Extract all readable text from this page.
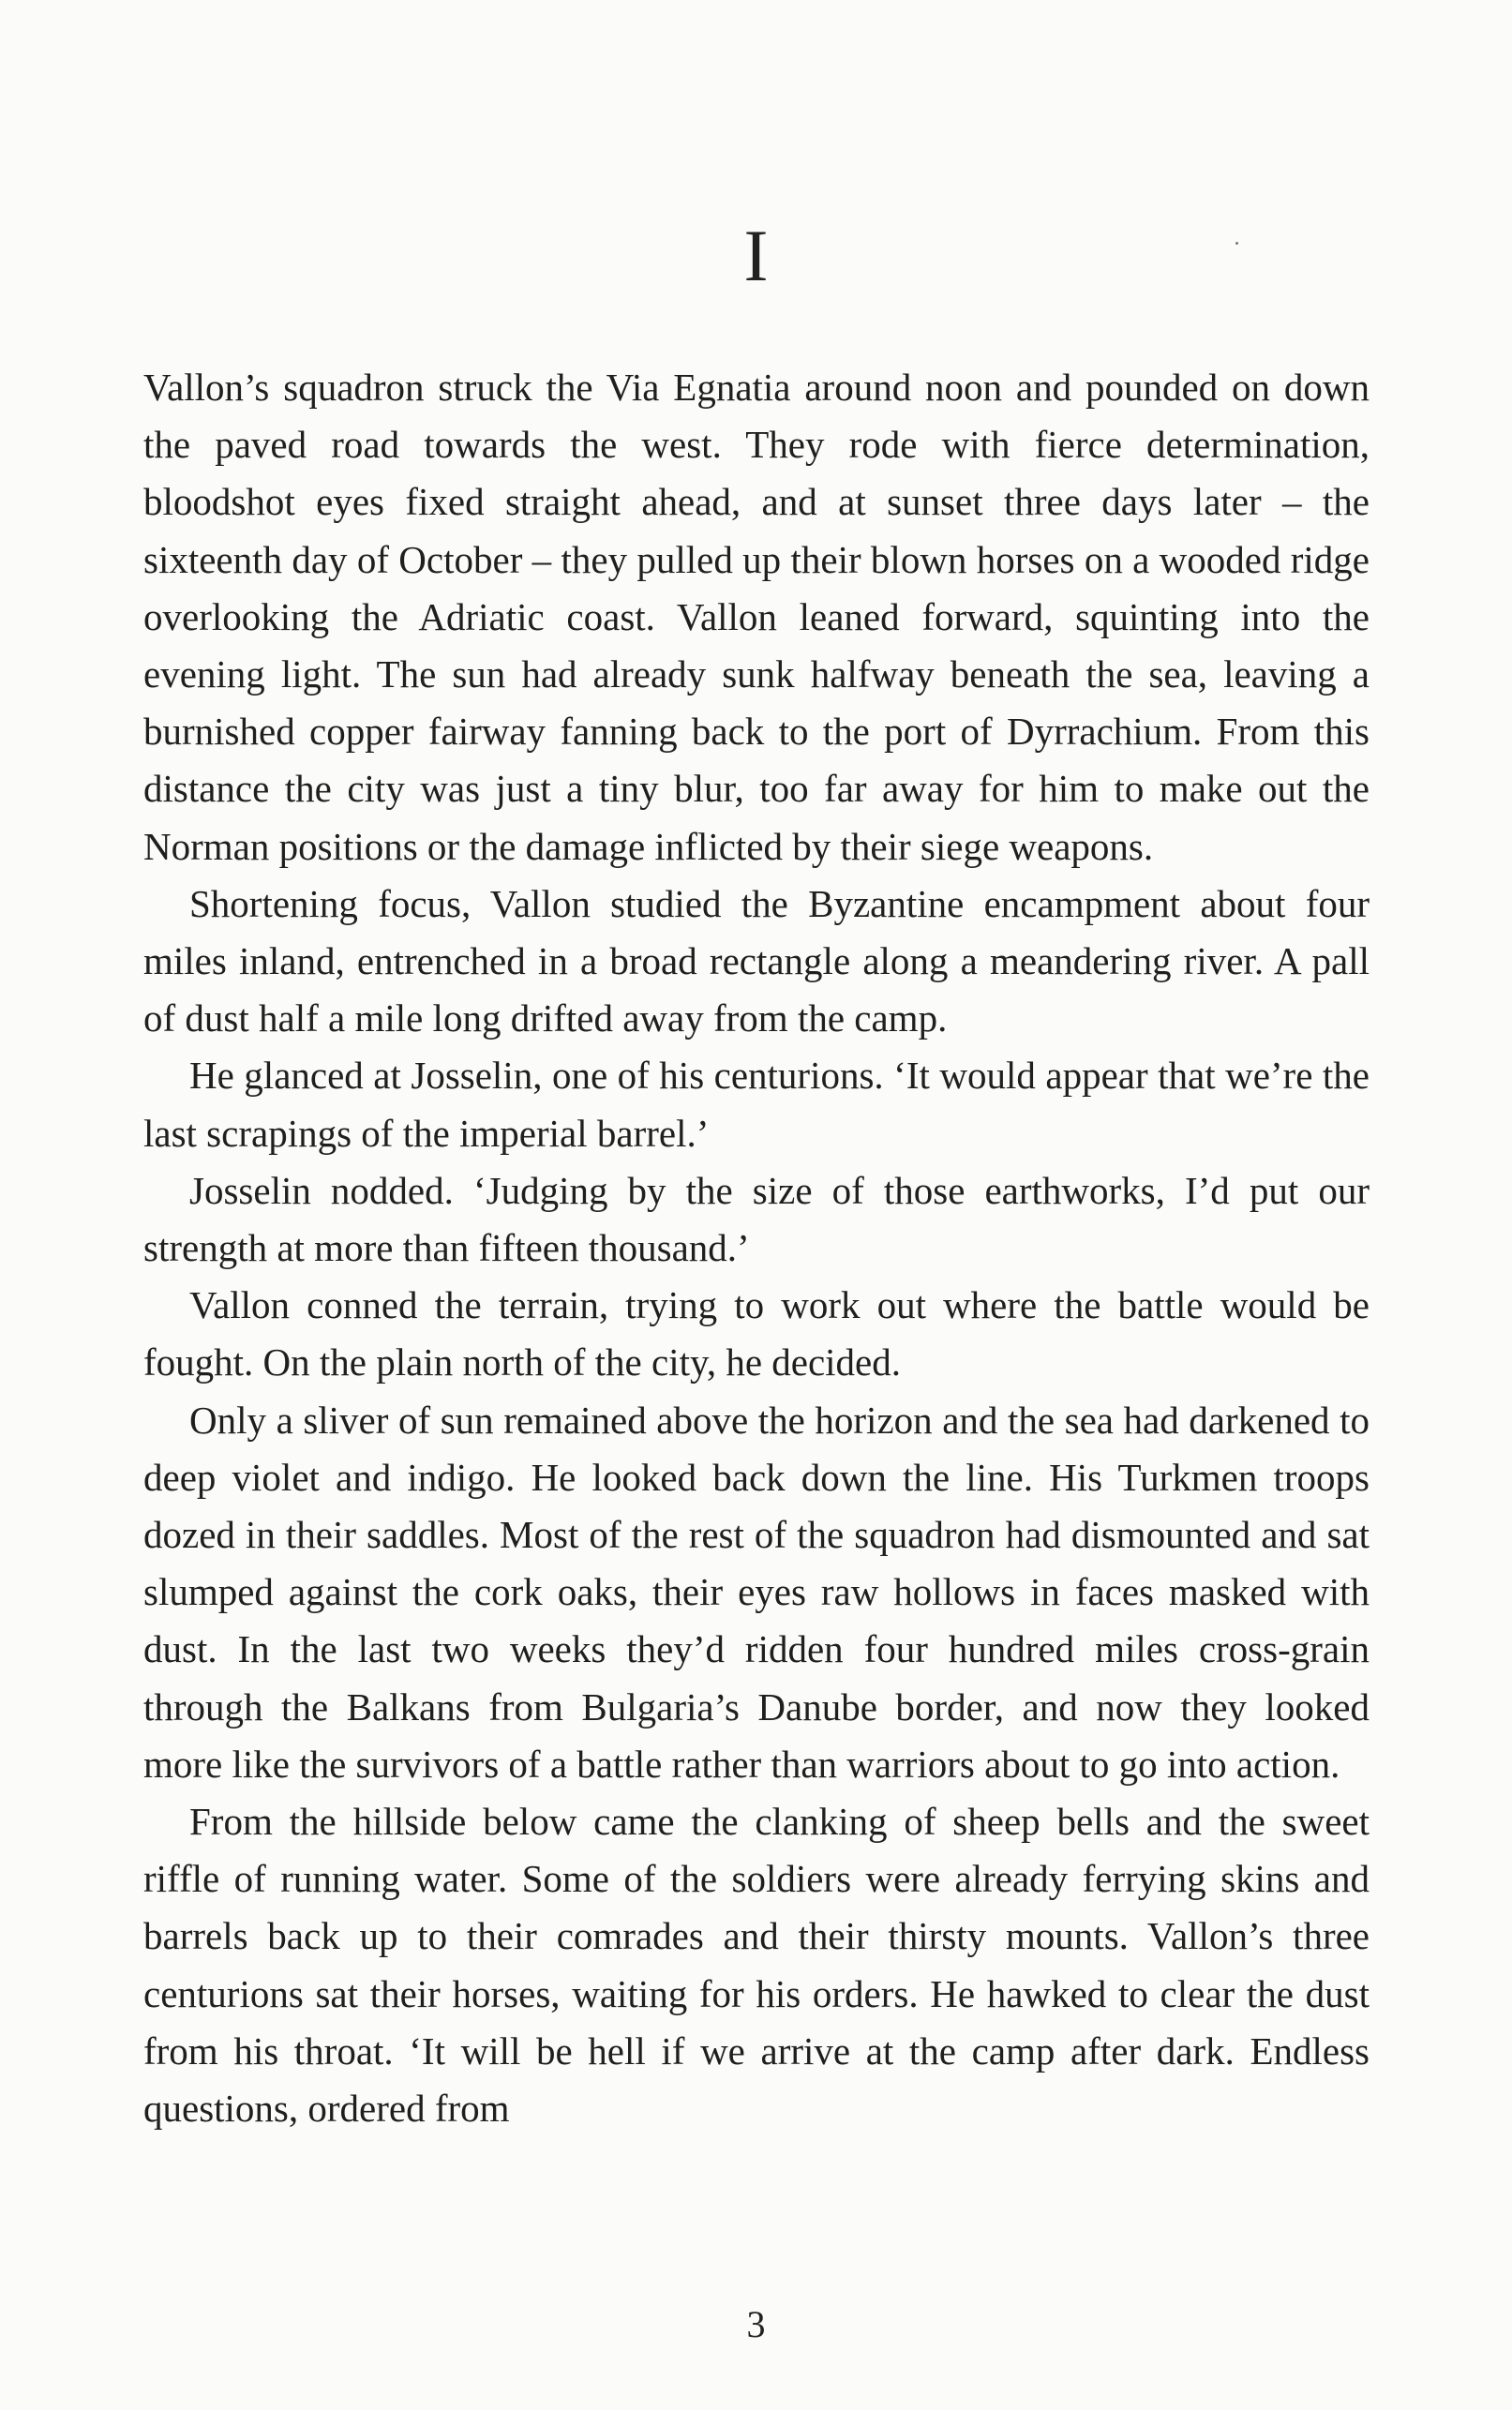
I

Vallon’s squadron struck the Via Egnatia around noon and pounded on down the paved road towards the west. They rode with fierce determination, bloodshot eyes fixed straight ahead, and at sunset three days later – the sixteenth day of October – they pulled up their blown horses on a wooded ridge overlooking the Adriatic coast. Vallon leaned forward, squinting into the evening light. The sun had already sunk halfway beneath the sea, leaving a burnished copper fairway fanning back to the port of Dyrrachium. From this distance the city was just a tiny blur, too far away for him to make out the Norman positions or the damage inflicted by their siege weapons.

Shortening focus, Vallon studied the Byzantine encampment about four miles inland, entrenched in a broad rectangle along a meandering river. A pall of dust half a mile long drifted away from the camp.

He glanced at Josselin, one of his centurions. ‘It would appear that we’re the last scrapings of the imperial barrel.’

Josselin nodded. ‘Judging by the size of those earthworks, I’d put our strength at more than fifteen thousand.’

Vallon conned the terrain, trying to work out where the battle would be fought. On the plain north of the city, he decided.

Only a sliver of sun remained above the horizon and the sea had darkened to deep violet and indigo. He looked back down the line. His Turkmen troops dozed in their saddles. Most of the rest of the squadron had dismounted and sat slumped against the cork oaks, their eyes raw hollows in faces masked with dust. In the last two weeks they’d ridden four hundred miles cross-grain through the Balkans from Bulgaria’s Danube border, and now they looked more like the survivors of a battle rather than warriors about to go into action.

From the hillside below came the clanking of sheep bells and the sweet riffle of running water. Some of the soldiers were already ferrying skins and barrels back up to their comrades and their thirsty mounts. Vallon’s three centurions sat their horses, waiting for his orders. He hawked to clear the dust from his throat. ‘It will be hell if we arrive at the camp after dark. Endless questions, ordered from

3
